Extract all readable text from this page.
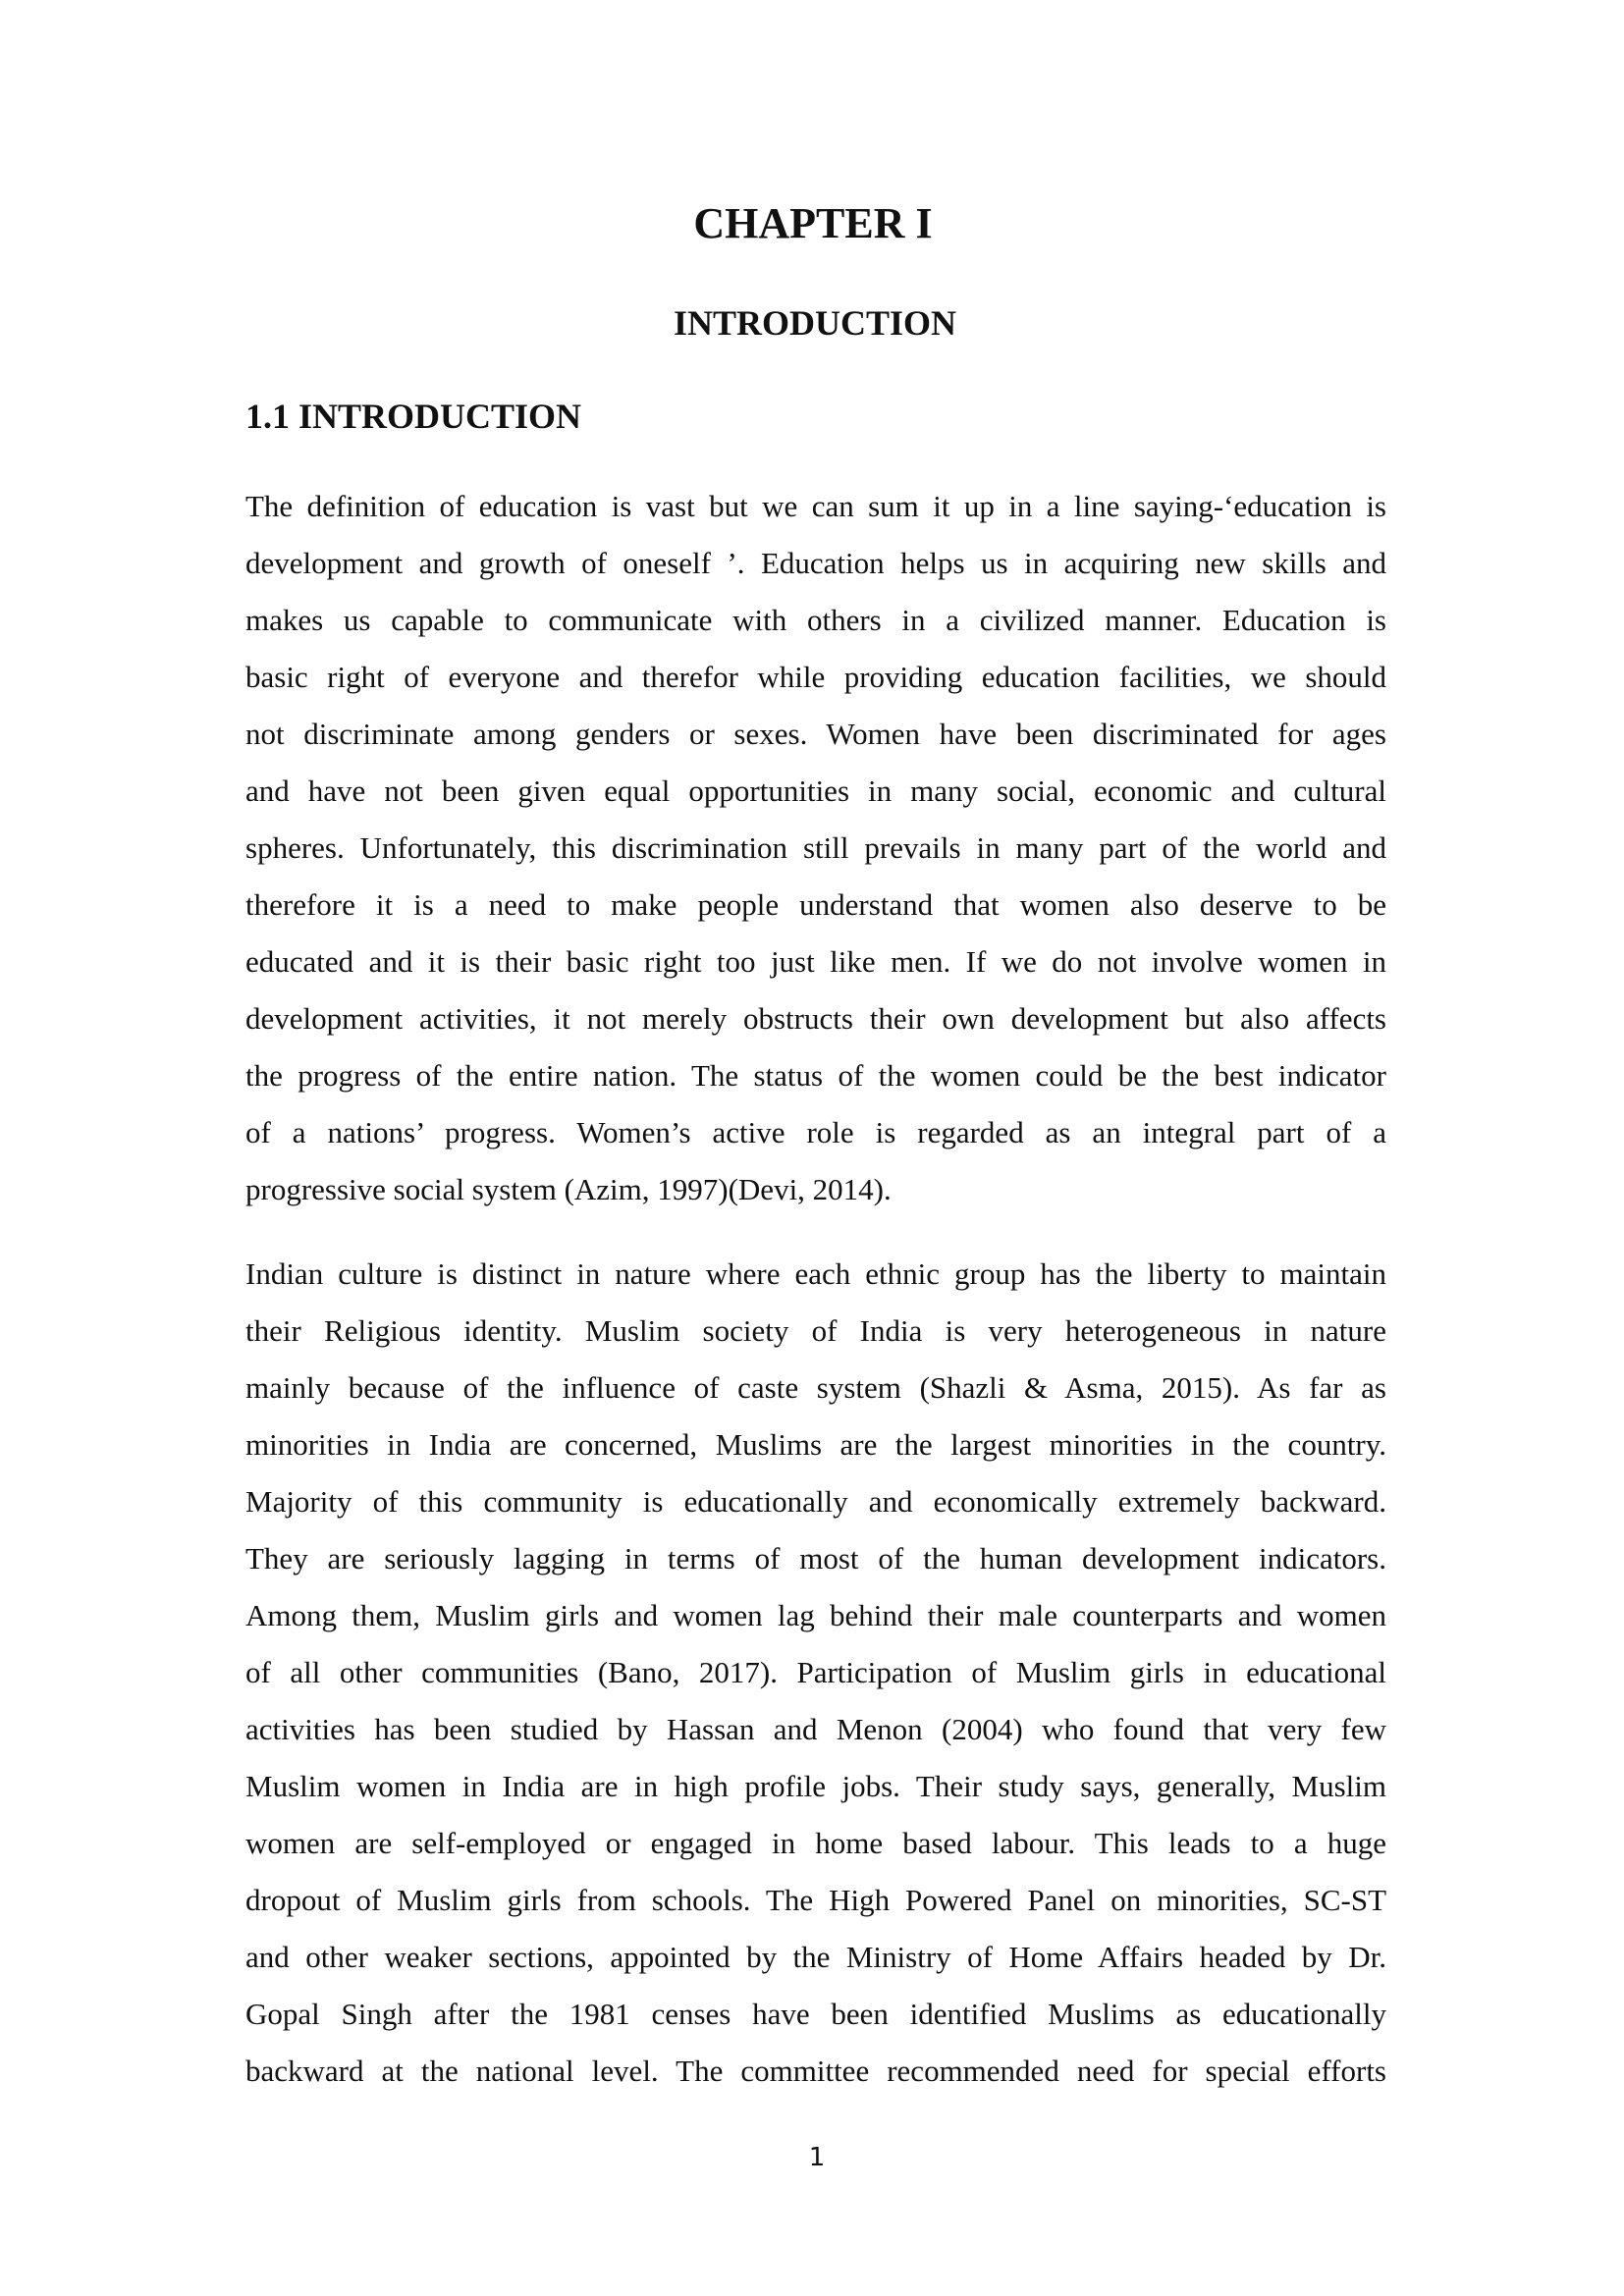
CHAPTER I
INTRODUCTION
1.1 INTRODUCTION
The definition of education is vast but we can sum it up in a line saying-‘education is
development and growth of oneself ’. Education helps us in acquiring new skills and
makes us capable to communicate with others in a civilized manner. Education is
basic right of everyone and therefor while providing education facilities, we should
not discriminate among genders or sexes. Women have been discriminated for ages
and have not been given equal opportunities in many social, economic and cultural
spheres. Unfortunately, this discrimination still prevails in many part of the world and
therefore it is a need to make people understand that women also deserve to be
educated and it is their basic right too just like men. If we do not involve women in
development activities, it not merely obstructs their own development but also affects
the progress of the entire nation. The status of the women could be the best indicator
of a nations’ progress. Women’s active role is regarded as an integral part of a
progressive social system (Azim, 1997)(Devi, 2014).
Indian culture is distinct in nature where each ethnic group has the liberty to maintain
their Religious identity. Muslim society of India is very heterogeneous in nature
mainly because of the influence of caste system (Shazli & Asma, 2015). As far as
minorities in India are concerned, Muslims are the largest minorities in the country.
Majority of this community is educationally and economically extremely backward.
They are seriously lagging in terms of most of the human development indicators.
Among them, Muslim girls and women lag behind their male counterparts and women
of all other communities (Bano, 2017). Participation of Muslim girls in educational
activities has been studied by Hassan and Menon (2004) who found that very few
Muslim women in India are in high profile jobs. Their study says, generally, Muslim
women are self-employed or engaged in home based labour. This leads to a huge
dropout of Muslim girls from schools. The High Powered Panel on minorities, SC-ST
and other weaker sections, appointed by the Ministry of Home Affairs headed by Dr.
Gopal Singh after the 1981 censes have been identified Muslims as educationally
backward at the national level. The committee recommended need for special efforts
1
